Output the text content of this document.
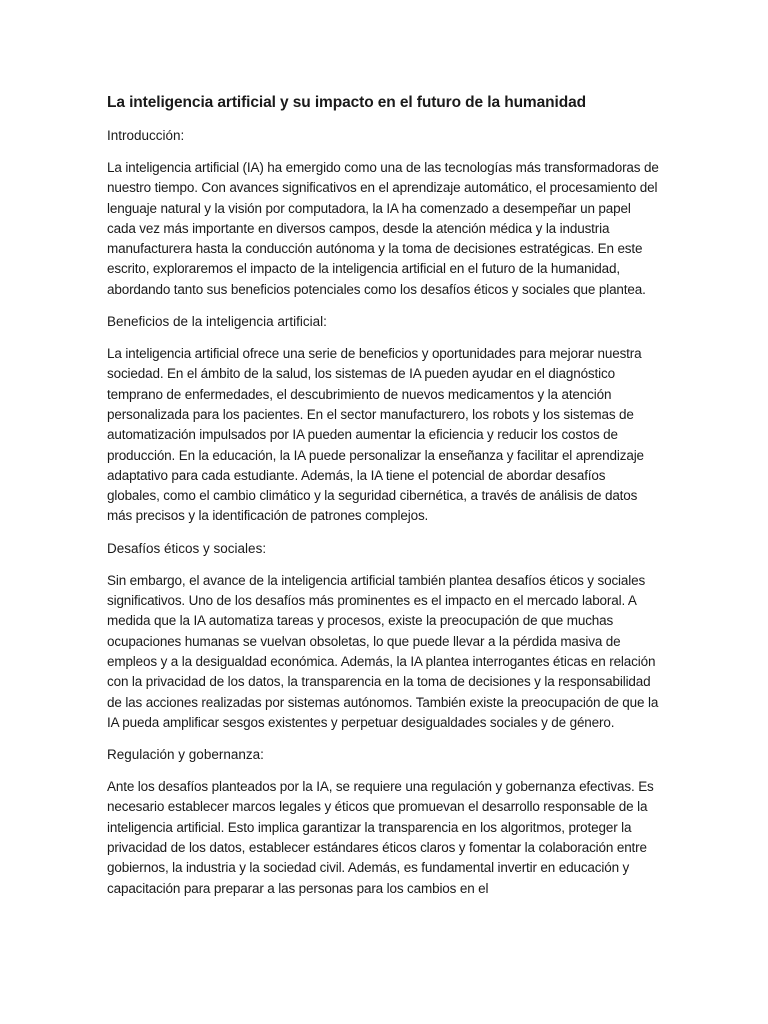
La inteligencia artificial y su impacto en el futuro de la humanidad

Introducción:

La inteligencia artificial (IA) ha emergido como una de las tecnologías más transformadoras de nuestro tiempo. Con avances significativos en el aprendizaje automático, el procesamiento del lenguaje natural y la visión por computadora, la IA ha comenzado a desempeñar un papel cada vez más importante en diversos campos, desde la atención médica y la industria manufacturera hasta la conducción autónoma y la toma de decisiones estratégicas. En este escrito, exploraremos el impacto de la inteligencia artificial en el futuro de la humanidad, abordando tanto sus beneficios potenciales como los desafíos éticos y sociales que plantea.

Beneficios de la inteligencia artificial:

La inteligencia artificial ofrece una serie de beneficios y oportunidades para mejorar nuestra sociedad. En el ámbito de la salud, los sistemas de IA pueden ayudar en el diagnóstico temprano de enfermedades, el descubrimiento de nuevos medicamentos y la atención personalizada para los pacientes. En el sector manufacturero, los robots y los sistemas de automatización impulsados por IA pueden aumentar la eficiencia y reducir los costos de producción. En la educación, la IA puede personalizar la enseñanza y facilitar el aprendizaje adaptativo para cada estudiante. Además, la IA tiene el potencial de abordar desafíos globales, como el cambio climático y la seguridad cibernética, a través de análisis de datos más precisos y la identificación de patrones complejos.

Desafíos éticos y sociales:

Sin embargo, el avance de la inteligencia artificial también plantea desafíos éticos y sociales significativos. Uno de los desafíos más prominentes es el impacto en el mercado laboral. A medida que la IA automatiza tareas y procesos, existe la preocupación de que muchas ocupaciones humanas se vuelvan obsoletas, lo que puede llevar a la pérdida masiva de empleos y a la desigualdad económica. Además, la IA plantea interrogantes éticas en relación con la privacidad de los datos, la transparencia en la toma de decisiones y la responsabilidad de las acciones realizadas por sistemas autónomos. También existe la preocupación de que la IA pueda amplificar sesgos existentes y perpetuar desigualdades sociales y de género.

Regulación y gobernanza:

Ante los desafíos planteados por la IA, se requiere una regulación y gobernanza efectivas. Es necesario establecer marcos legales y éticos que promuevan el desarrollo responsable de la inteligencia artificial. Esto implica garantizar la transparencia en los algoritmos, proteger la privacidad de los datos, establecer estándares éticos claros y fomentar la colaboración entre gobiernos, la industria y la sociedad civil. Además, es fundamental invertir en educación y capacitación para preparar a las personas para los cambios en el
